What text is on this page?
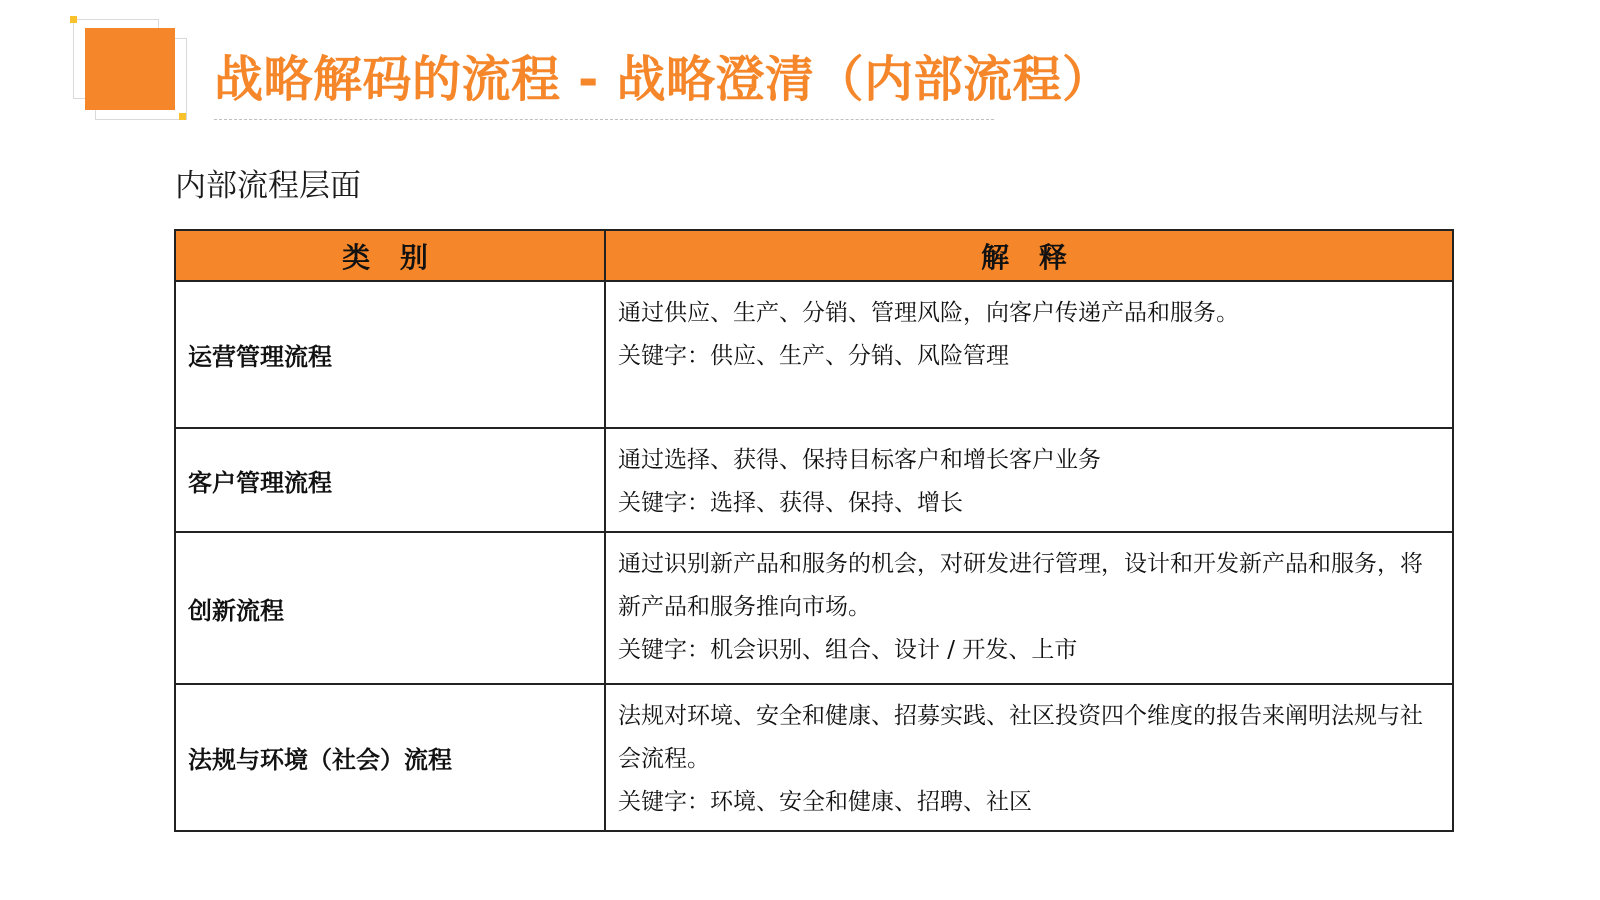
战略解码的流程 - 战略澄清（内部流程）
内部流程层面
类 别	解 释
运营管理流程	通过供应、生产、分销、管理风险，向客户传递产品和服务。
关键字：供应、生产、分销、风险管理

客户管理流程	通过选择、获得、保持目标客户和增长客户业务
关键字：选择、获得、保持、增长

创新流程	通过识别新产品和服务的机会，对研发进行管理，设计和开发新产品和服务，将新产品和服务推向市场。
关键字：机会识别、组合、设计 / 开发、上市

法规与环境（社会）流程	法规对环境、安全和健康、招募实践、社区投资四个维度的报告来阐明法规与社会流程。
关键字：环境、安全和健康、招聘、社区
